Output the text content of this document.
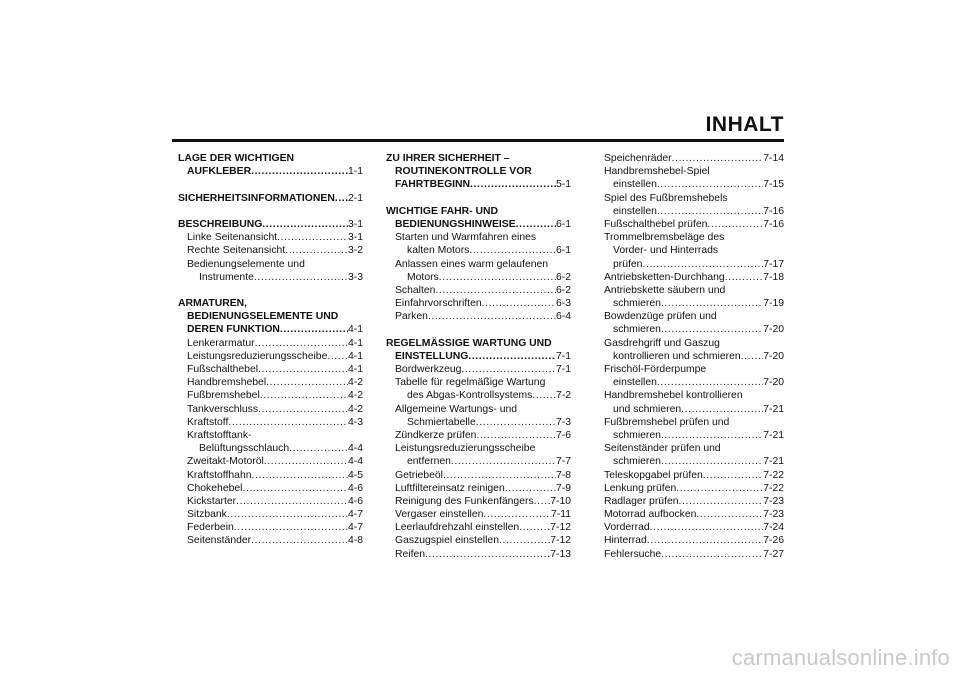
INHALT
LAGE DER WICHTIGEN
AUFKLEBER .....	1-1
SICHERHEITSINFORMATIONEN ..... 2-1
BESCHREIBUNG .....	3-1
Linke Seitenansicht .....	3-1
Rechte Seitenansicht .....	3-2
Bedienungselemente und
Instrumente .....	3-3
ARMATUREN,
BEDIENUNGSELEMENTE UND
DEREN FUNKTION .....	4-1
Lenkerarmatur .....	4-1
Leistungsreduzierungsscheibe ..... 4-1
Fußschalthebel .....	4-1
Handbremshebel .....	4-2
Fußbremshebel .....	4-2
Tankverschluss .....	4-2
Kraftstoff .....	4-3
Kraftstofftank-
Belüftungsschlauch .....	4-4
Zweitakt-Motoröl .....	4-4
Kraftstoffhahn .....	4-5
Chokehebel .....	4-6
Kickstarter .....	4-6
Sitzbank .....	4-7
Federbein .....	4-7
Seitenständer .....	4-8
ZU IHRER SICHERHEIT –
ROUTINEKONTROLLE VOR
FAHRTBEGINN .....	5-1
WICHTIGE FAHR- UND
BEDIENUNGSHINWEISE .....	6-1
Starten und Warmfahren eines
kalten Motors .....	6-1
Anlassen eines warm gelaufenen
Motors .....	6-2
Schalten .....	6-2
Einfahrvorschriften .....	6-3
Parken .....	6-4
REGELMÄSSIGE WARTUNG UND
EINSTELLUNG .....	7-1
Bordwerkzeug .....	7-1
Tabelle für regelmäßige Wartung
des Abgas-Kontrollsystems ..... 7-2
Allgemeine Wartungs- und
Schmiertabelle .....	7-3
Zündkerze prüfen .....	7-6
Leistungsreduzierungsscheibe
entfernen .....	7-7
Getriebeöl .....	7-8
Luftfiltereinsatz reinigen .....	7-9
Reinigung des Funkenfängers ..... 7-10
Vergaser einstellen .....	7-11
Leerlaufdrehzahl einstellen .....	7-12
Gaszugspiel einstellen .....	7-12
Reifen .....	7-13
Speichenräder .....	7-14
Handbremshebel-Spiel
einstellen .....	7-15
Spiel des Fußbremshebels
einstellen .....	7-16
Fußschalthebel prüfen .....	7-16
Trommelbremsbeläge des
Vorder- und Hinterrads
prüfen .....	7-17
Antriebsketten-Durchhang .....	7-18
Antriebskette säubern und
schmieren .....	7-19
Bowdenzüge prüfen und
schmieren .....	7-20
Gasdrehgriff und Gaszug
kontrollieren und schmieren ..... 7-20
Frischöl-Förderpumpe
einstellen .....	7-20
Handbremshebel kontrollieren
und schmieren .....	7-21
Fußbremshebel prüfen und
schmieren .....	7-21
Seitenständer prüfen und
schmieren .....	7-21
Teleskopgabel prüfen .....	7-22
Lenkung prüfen .....	7-22
Radlager prüfen .....	7-23
Motorrad aufbocken .....	7-23
Vorderrad .....	7-24
Hinterrad .....	7-26
Fehlersuche .....	7-27
carmanualsonline.info
